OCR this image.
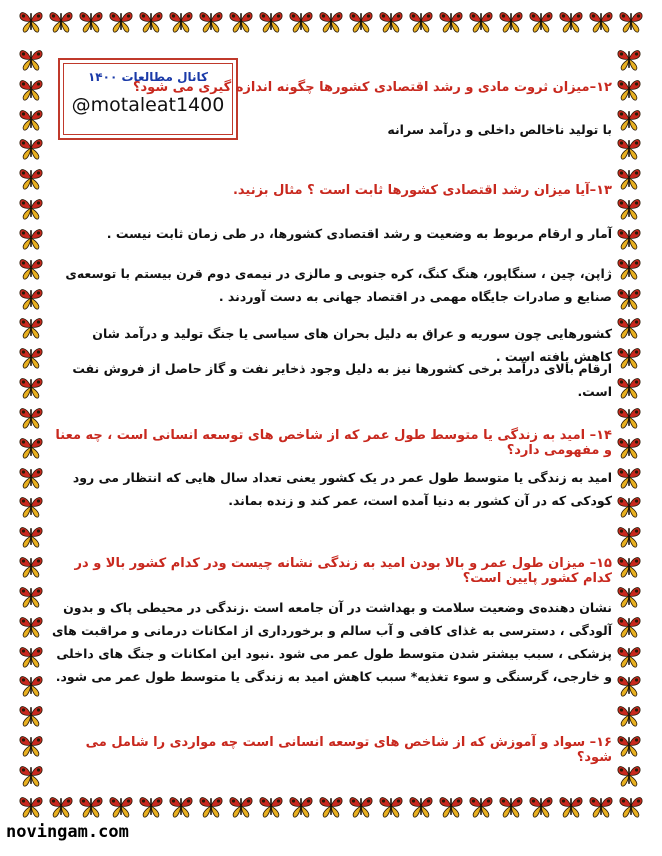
کانال مطالعات ۱۴۰۰
@motaleat1400
۱۲–میزان ثروت مادی و رشد اقتصادی کشورها چگونه اندازه گیری می شود؟
با تولید ناخالص داخلی و درآمد سرانه
۱۳–آیا میزان رشد اقتصادی کشورها ثابت است ؟ مثال بزنید.
آمار و ارقام مربوط به وضعیت و رشد اقتصادی کشورها، در طی زمان ثابت نیست .
ژاپن، چین ، سنگاپور، هنگ کنگ، کره جنوبی و مالزی در نیمه‌ی دوم قرن بیستم با توسعه‌ی صنایع و صادرات جایگاه مهمی در اقتصاد جهانی به دست آوردند .
کشورهایی چون سوریه و عراق به دلیل بحران های سیاسی یا جنگ تولید و درآمد شان کاهش یافته است .
ارقام بالای درآمد برخی کشورها نیز به دلیل وجود ذخایر نفت و گاز حاصل از فروش نفت است.
۱۴– امید به زندگی یا متوسط طول عمر که از شاخص های توسعه انسانی است ، چه معنا و مفهومی دارد؟
امید به زندگی یا متوسط طول عمر در یک کشور یعنی تعداد سال هایی که انتظار می رود کودکی که در آن کشور به دنیا آمده است، عمر کند و زنده بماند.
۱۵– میزان طول عمر و بالا بودن امید به زندگی نشانه چیست ودر کدام کشور بالا و در کدام کشور پایین است؟
نشان دهنده‌ی وضعیت سلامت و بهداشت در آن جامعه است .زندگی در محیطی پاک و بدون آلودگی ، دسترسی به غذای کافی و آب سالم و برخورداری از امکانات درمانی و مراقبت های پزشکی ، سبب بیشتر شدن متوسط طول عمر می شود .نبود این امکانات و جنگ های داخلی و خارجی، گرسنگی و سوء تغذیه* سبب کاهش امید به زندگی یا متوسط طول عمر می شود.
۱۶– سواد و آموزش که از شاخص های توسعه انسانی است چه مواردی را شامل می شود؟
novingam.com
